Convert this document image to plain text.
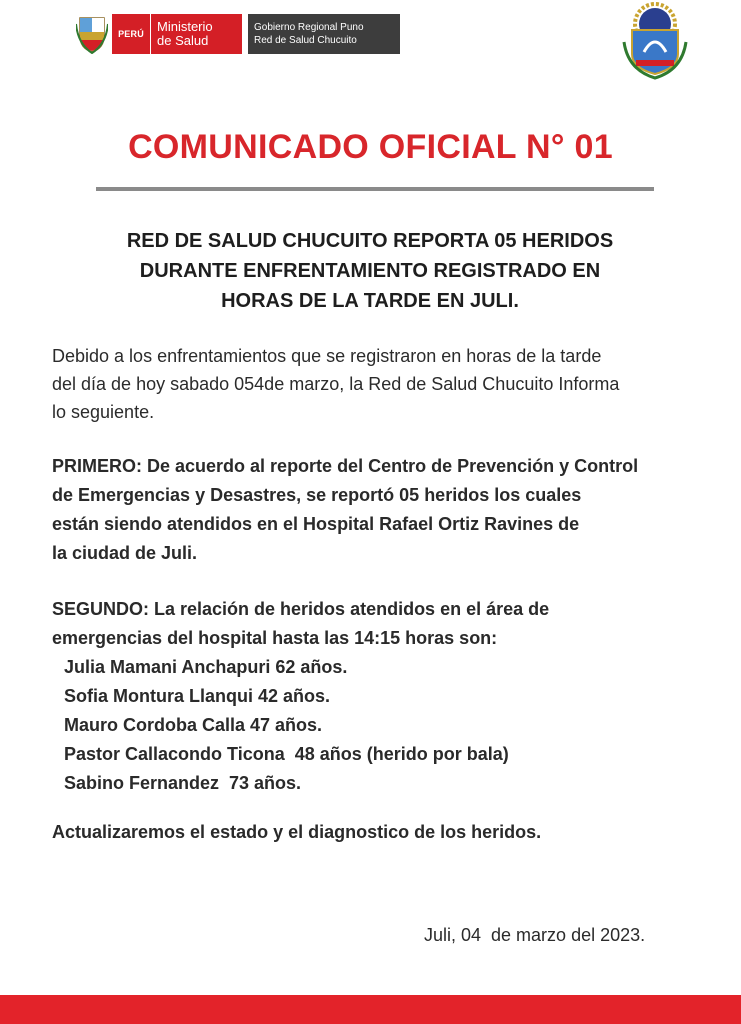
PERÚ	Ministerio
de Salud
Gobierno Regional Puno
Red de Salud Chucuito
COMUNICADO OFICIAL N° 01
RED DE SALUD CHUCUITO REPORTA 05 HERIDOS
DURANTE ENFRENTAMIENTO REGISTRADO EN
HORAS DE LA TARDE EN JULI.
Debido a los enfrentamientos que se registraron en horas de la tarde
del día de hoy sabado 054de marzo, la Red de Salud Chucuito Informa
lo seguiente.
PRIMERO: De acuerdo al reporte del Centro de Prevención y Control
de Emergencias y Desastres, se reportó 05 heridos los cuales
están siendo atendidos en el Hospital Rafael Ortiz Ravines de
la ciudad de Juli.
SEGUNDO: La relación de heridos atendidos en el área de
emergencias del hospital hasta las 14:15 horas son:
Julia Mamani Anchapuri 62 años.
Sofia Montura Llanqui 42 años.
Mauro Cordoba Calla 47 años.
Pastor Callacondo Ticona  48 años (herido por bala)
Sabino Fernandez  73 años.
Actualizaremos el estado y el diagnostico de los heridos.
Juli, 04  de marzo del 2023.
